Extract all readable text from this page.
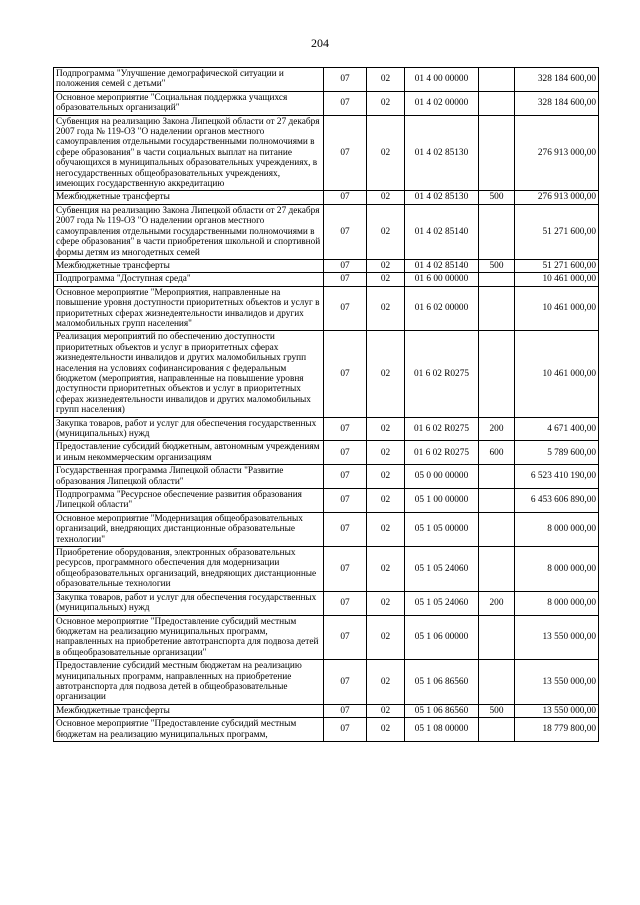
204
Подпрограмма "Улучшение демографической ситуации и положения семей с детьми"	07	02	01 4 00 00000		328 184 600,00
Основное мероприятие "Социальная поддержка учащихся образовательных организаций"	07	02	01 4 02 00000		328 184 600,00
Субвенция на реализацию Закона Липецкой области от 27 декабря 2007 года № 119-ОЗ "О наделении органов местного самоуправления отдельными государственными полномочиями в сфере образования" в части социальных выплат на питание обучающихся в муниципальных образовательных учреждениях, в негосударственных общеобразовательных учреждениях, имеющих государственную аккредитацию	07	02	01 4 02 85130		276 913 000,00
Межбюджетные трансферты	07	02	01 4 02 85130	500	276 913 000,00
Субвенция на реализацию Закона Липецкой области от 27 декабря 2007 года № 119-ОЗ "О наделении органов местного самоуправления отдельными государственными полномочиями в сфере образования" в части приобретения школьной и спортивной формы детям из многодетных семей	07	02	01 4 02 85140		51 271 600,00
Межбюджетные трансферты	07	02	01 4 02 85140	500	51 271 600,00
Подпрограмма "Доступная среда"	07	02	01 6 00 00000		10 461 000,00
Основное мероприятие "Мероприятия, направленные на повышение уровня доступности приоритетных объектов и услуг в приоритетных сферах жизнедеятельности инвалидов и других маломобильных групп населения"	07	02	01 6 02 00000		10 461 000,00
Реализация мероприятий по обеспечению доступности приоритетных объектов и услуг в приоритетных сферах жизнедеятельности инвалидов и других маломобильных групп населения на условиях софинансирования с федеральным бюджетом (мероприятия, направленные на повышение уровня доступности приоритетных объектов и услуг в приоритетных сферах жизнедеятельности инвалидов и других маломобильных групп населения)	07	02	01 6 02 R0275		10 461 000,00
Закупка товаров, работ и услуг для обеспечения государственных (муниципальных) нужд	07	02	01 6 02 R0275	200	4 671 400,00
Предоставление субсидий бюджетным, автономным учреждениям и иным некоммерческим организациям	07	02	01 6 02 R0275	600	5 789 600,00
Государственная программа Липецкой области "Развитие образования Липецкой области"	07	02	05 0 00 00000		6 523 410 190,00
Подпрограмма "Ресурсное обеспечение развития образования Липецкой области"	07	02	05 1 00 00000		6 453 606 890,00
Основное мероприятие "Модернизация общеобразовательных организаций, внедряющих дистанционные образовательные технологии"	07	02	05 1 05 00000		8 000 000,00
Приобретение оборудования, электронных образовательных ресурсов, программного обеспечения для модернизации общеобразовательных организаций, внедряющих дистанционные образовательные технологии	07	02	05 1 05 24060		8 000 000,00
Закупка товаров, работ и услуг для обеспечения государственных (муниципальных) нужд	07	02	05 1 05 24060	200	8 000 000,00
Основное мероприятие "Предоставление субсидий местным бюджетам на реализацию муниципальных программ, направленных на приобретение автотранспорта для подвоза детей в общеобразовательные организации"	07	02	05 1 06 00000		13 550 000,00
Предоставление субсидий местным бюджетам на реализацию муниципальных программ, направленных на приобретение автотранспорта для подвоза детей в общеобразовательные организации	07	02	05 1 06 86560		13 550 000,00
Межбюджетные трансферты	07	02	05 1 06 86560	500	13 550 000,00
Основное мероприятие "Предоставление субсидий местным бюджетам на реализацию муниципальных программ,	07	02	05 1 08 00000		18 779 800,00
